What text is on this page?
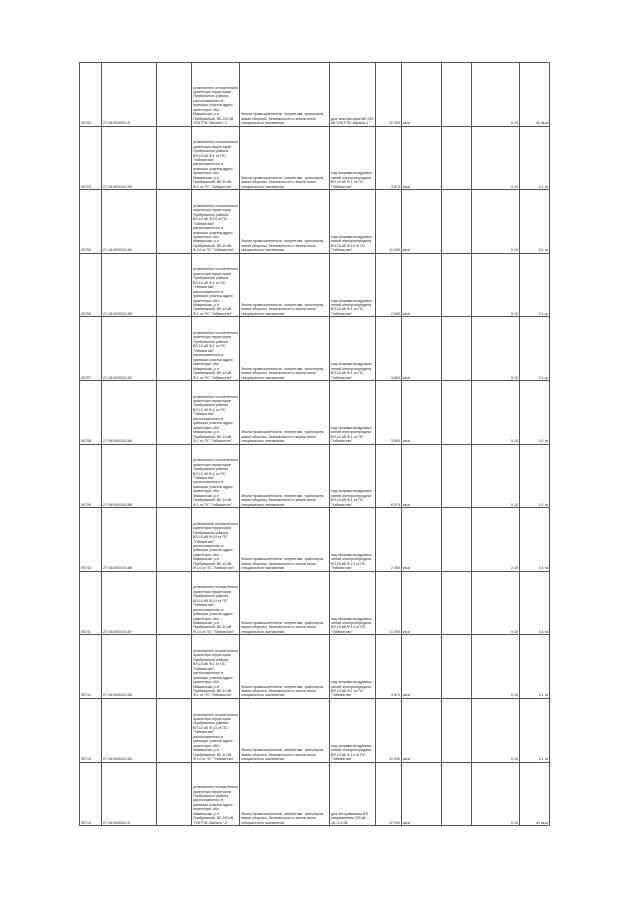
00703	27:16:0000001:9		установлено относительно ориентира территория Прибрежного района, расположенного в границах участка адрес ориентира: обл. Мамахская, р-н Прибрежный, ВЛ-220 кВ "НЧГРЭС-Ванино"-1	Земли промышленности, энергетики, транспорта, земли обороны, безопасности и земли иного специального назначения	для эксплуатации ВЛ 220 кВ "НЧГРЭС-Ванино-1"	22 000	кв.м		0,10	42 кв.м
00704	27:16:0000101:90		установлено относительно ориентира территория Прибрежного района ВЛ-10 кВ Ф-1 от ПС "Узбекистан", расположенного в границах участка адрес ориентира: обл. Мамахская, р-н Прибрежный, ВЛ-10 кВ Ф-1 от ПС "Узбекистан"	Земли промышленности, энергетики, транспорта, земли обороны, безопасности и земли иного специального назначения	под опорами воздушных линий электропередачи ВЛ-10 кВ Ф-1 от ПС "Узбекистан"	3 874	кв.м		0,10	0,1 га
00705	27:16:0000101:84		установлено относительно ориентира территория Прибрежного района ВЛ-10 кВ Ф-14 от ПС "Узбекистан", расположенного в границах участка адрес ориентира: обл. Мамахская, р-н Прибрежный, ВЛ-10 кВ Ф-14 от ПС "Узбекистан"	Земли промышленности, энергетики, транспорта, земли обороны, безопасности и земли иного специального назначения	под опорами воздушных линий электропередачи ВЛ-10 кВ Ф-14 от ПС "Узбекистан"	11 000	кв.м		0,10	0,1 га
00706	27:16:0000101:89		установлено относительно ориентира территория Прибрежного района ВЛ-10 кВ Ф-1 от ПС "Узбекистан", расположенного в границах участка адрес ориентира: обл. Мамахская, р-н Прибрежный, ВЛ-10 кВ Ф-1 от ПС "Узбекистан"	Земли промышленности, энергетики, транспорта, земли обороны, безопасности и земли иного специального назначения	под опорами воздушных линий электропередачи ВЛ-10 кВ Ф-1 от ПС "Узбекистан"	2 500	кв.м		0,10	0,1 га
00707	27:16:0000101:82		установлено относительно ориентира территория Прибрежного района ВЛ-10 кВ Ф-1 от ПС "Узбекистан", расположенного в границах участка адрес ориентира: обл. Мамахская, р-н Прибрежный, ВЛ-10 кВ Ф-1 от ПС "Узбекистан"	Земли промышленности, энергетики, транспорта, земли обороны, безопасности и земли иного специального назначения	под опорами воздушных линий электропередачи ВЛ-10 кВ Ф-1 от ПС "Узбекистан"	3 800	кв.м		0,10	0,1 га
00708	27:16:0000101:84		установлено относительно ориентира территория Прибрежного района ВЛ-10 кВ Ф-1 от ПС "Узбекистан", расположенного в границах участка адрес ориентира: обл. Мамахская, р-н Прибрежный, ВЛ-10 кВ Ф-1 от ПС "Узбекистан"	Земли промышленности, энергетики, транспорта, земли обороны, безопасности и земли иного специального назначения	под опорами воздушных линий электропередачи ВЛ-10 кВ Ф-1 от ПС "Узбекистан"	3 800	кв.м		0,10	0,1 га
00709	27:16:0000101:88		установлено относительно ориентира территория Прибрежного района ВЛ-10 кВ Ф-1 от ПС "Узбекистан", расположенного в границах участка адрес ориентира: обл. Мамахская, р-н Прибрежный, ВЛ-10 кВ Ф-1 от ПС "Узбекистан"	Земли промышленности, энергетики, транспорта, земли обороны, безопасности и земли иного специального назначения	под опорами воздушных линий электропередачи ВЛ-10 кВ Ф-1 от ПС "Узбекистан"	6 974	кв.м		0,10	0,1 га
00710	27:16:0000101:86		установлено относительно ориентира территория Прибрежного района ВЛ-10 кВ Ф-14 от ПС "Узбекистан", расположенного в границах участка адрес ориентира: обл. Мамахская, р-н Прибрежный, ВЛ-10 кВ Ф-14 от ПС "Узбекистан"	Земли промышленности, энергетики, транспорта, земли обороны, безопасности и земли иного специального назначения	под опорами воздушных линий электропередачи ВЛ-10 кВ Ф-14 от ПС "Узбекистан"	2 400	кв.м		2,10	0,1 га
00711	27:16:0000101:87		установлено относительно ориентира территория Прибрежного района ВЛ-10 кВ Ф-14 от ПС "Узбекистан", расположенного в границах участка адрес ориентира: обл. Мамахская, р-н Прибрежный, ВЛ-10 кВ Ф-14 от ПС "Узбекистан"	Земли промышленности, энергетики, транспорта, земли обороны, безопасности и земли иного специального назначения	под опорами воздушных линий электропередачи ВЛ-10 кВ Ф-14 от ПС "Узбекистан"	11 000	кв.м		0,10	0,1 га
00712	27:16:0000101:85		установлено относительно ориентира территория Прибрежного района ВЛ-10 кВ Ф-1 от ПС "Узбекистан", расположенного в границах участка адрес ориентира: обл. Мамахская, р-н Прибрежный, ВЛ-10 кВ Ф-1 от ПС "Узбекистан"	Земли промышленности, энергетики, транспорта, земли обороны, безопасности и земли иного специального назначения	под опорами воздушных линий электропередачи ВЛ-10 кВ Ф-1 от ПС "Узбекистан"	3 874	кв.м		0,10	0,1 га
00713	27:16:0000101:83		установлено относительно ориентира территория Прибрежного района ВЛ-10 кВ Ф-14 от ПС "Узбекистан", расположенного в границах участка адрес ориентира: обл. Мамахская, р-н Прибрежный, ВЛ-10 кВ Ф-14 от ПС "Узбекистан"	Земли промышленности, энергетики, транспорта, земли обороны, безопасности и земли иного специального назначения	под опорами воздушных линий электропередачи ВЛ-10 кВ Ф-14 от ПС "Узбекистан"	11 000	кв.м		0,10	0,1 га
00714	27:16:0000001:5		установлено относительно ориентира территория Прибрежного района, расположенного в границах участка адрес ориентира: обл. Мамахская, р-н Прибрежный, ВЛ-220 кВ "НЧГРЭС-Ванино"-2	Земли промышленности, энергетики, транспорта, земли обороны, безопасности и земли иного специального назначения	для обслуживания ВЛ напряжением 220 кВ -- 10--0,4 кВ	22 000	кв.м		0,10	41 кв.м
